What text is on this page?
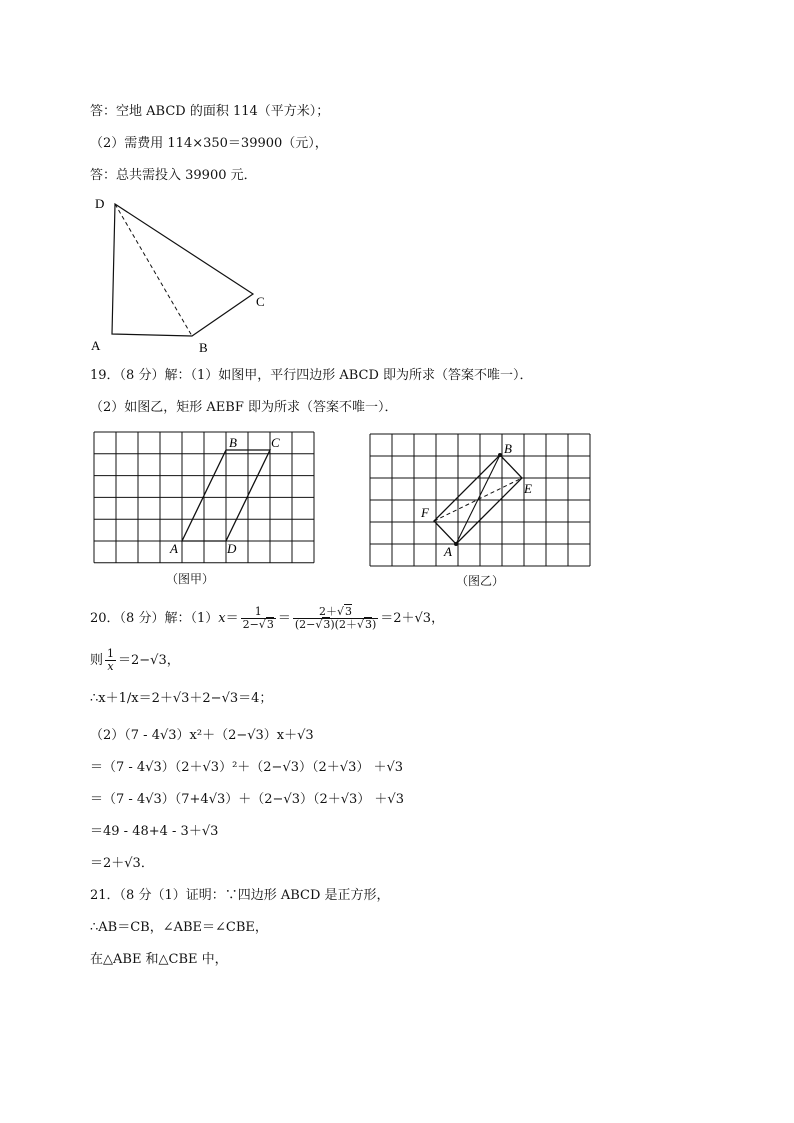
答：空地 ABCD 的面积 114（平方米）；
（2）需费用 114×350＝39900（元），
答：总共需投入 39900 元．
D
C
A	B
19．（8 分）解：（1）如图甲，平行四边形 ABCD 即为所求（答案不唯一）．
（2）如图乙，矩形 AEBF 即为所求（答案不唯一）．
B	C
A	D
（图甲）
B
E
F
A
（图乙）
20．（8 分）解：$(1)x= \frac{1}{2-√3} = \frac{2+√3}{(2-√3)(2+√3)} =2+√3$，
则 $\frac{1}{x} =2-√3$，
∴x＋1/x＝2＋√3＋2−√3＝4；
（2）（7 - 4√3）x²＋（2−√3）x＋√3
＝（7 - 4√3）（2＋√3）²＋（2−√3）（2＋√3） ＋√3
＝（7 - 4√3）（7+4√3）＋（2−√3）（2＋√3） ＋√3
＝49 - 48+4 - 3＋√3
＝2＋√3．
21．（8 分（1）证明：∵四边形 ABCD 是正方形，
∴AB＝CB，∠ABE＝∠CBE，
在△ABE 和△CBE 中，
